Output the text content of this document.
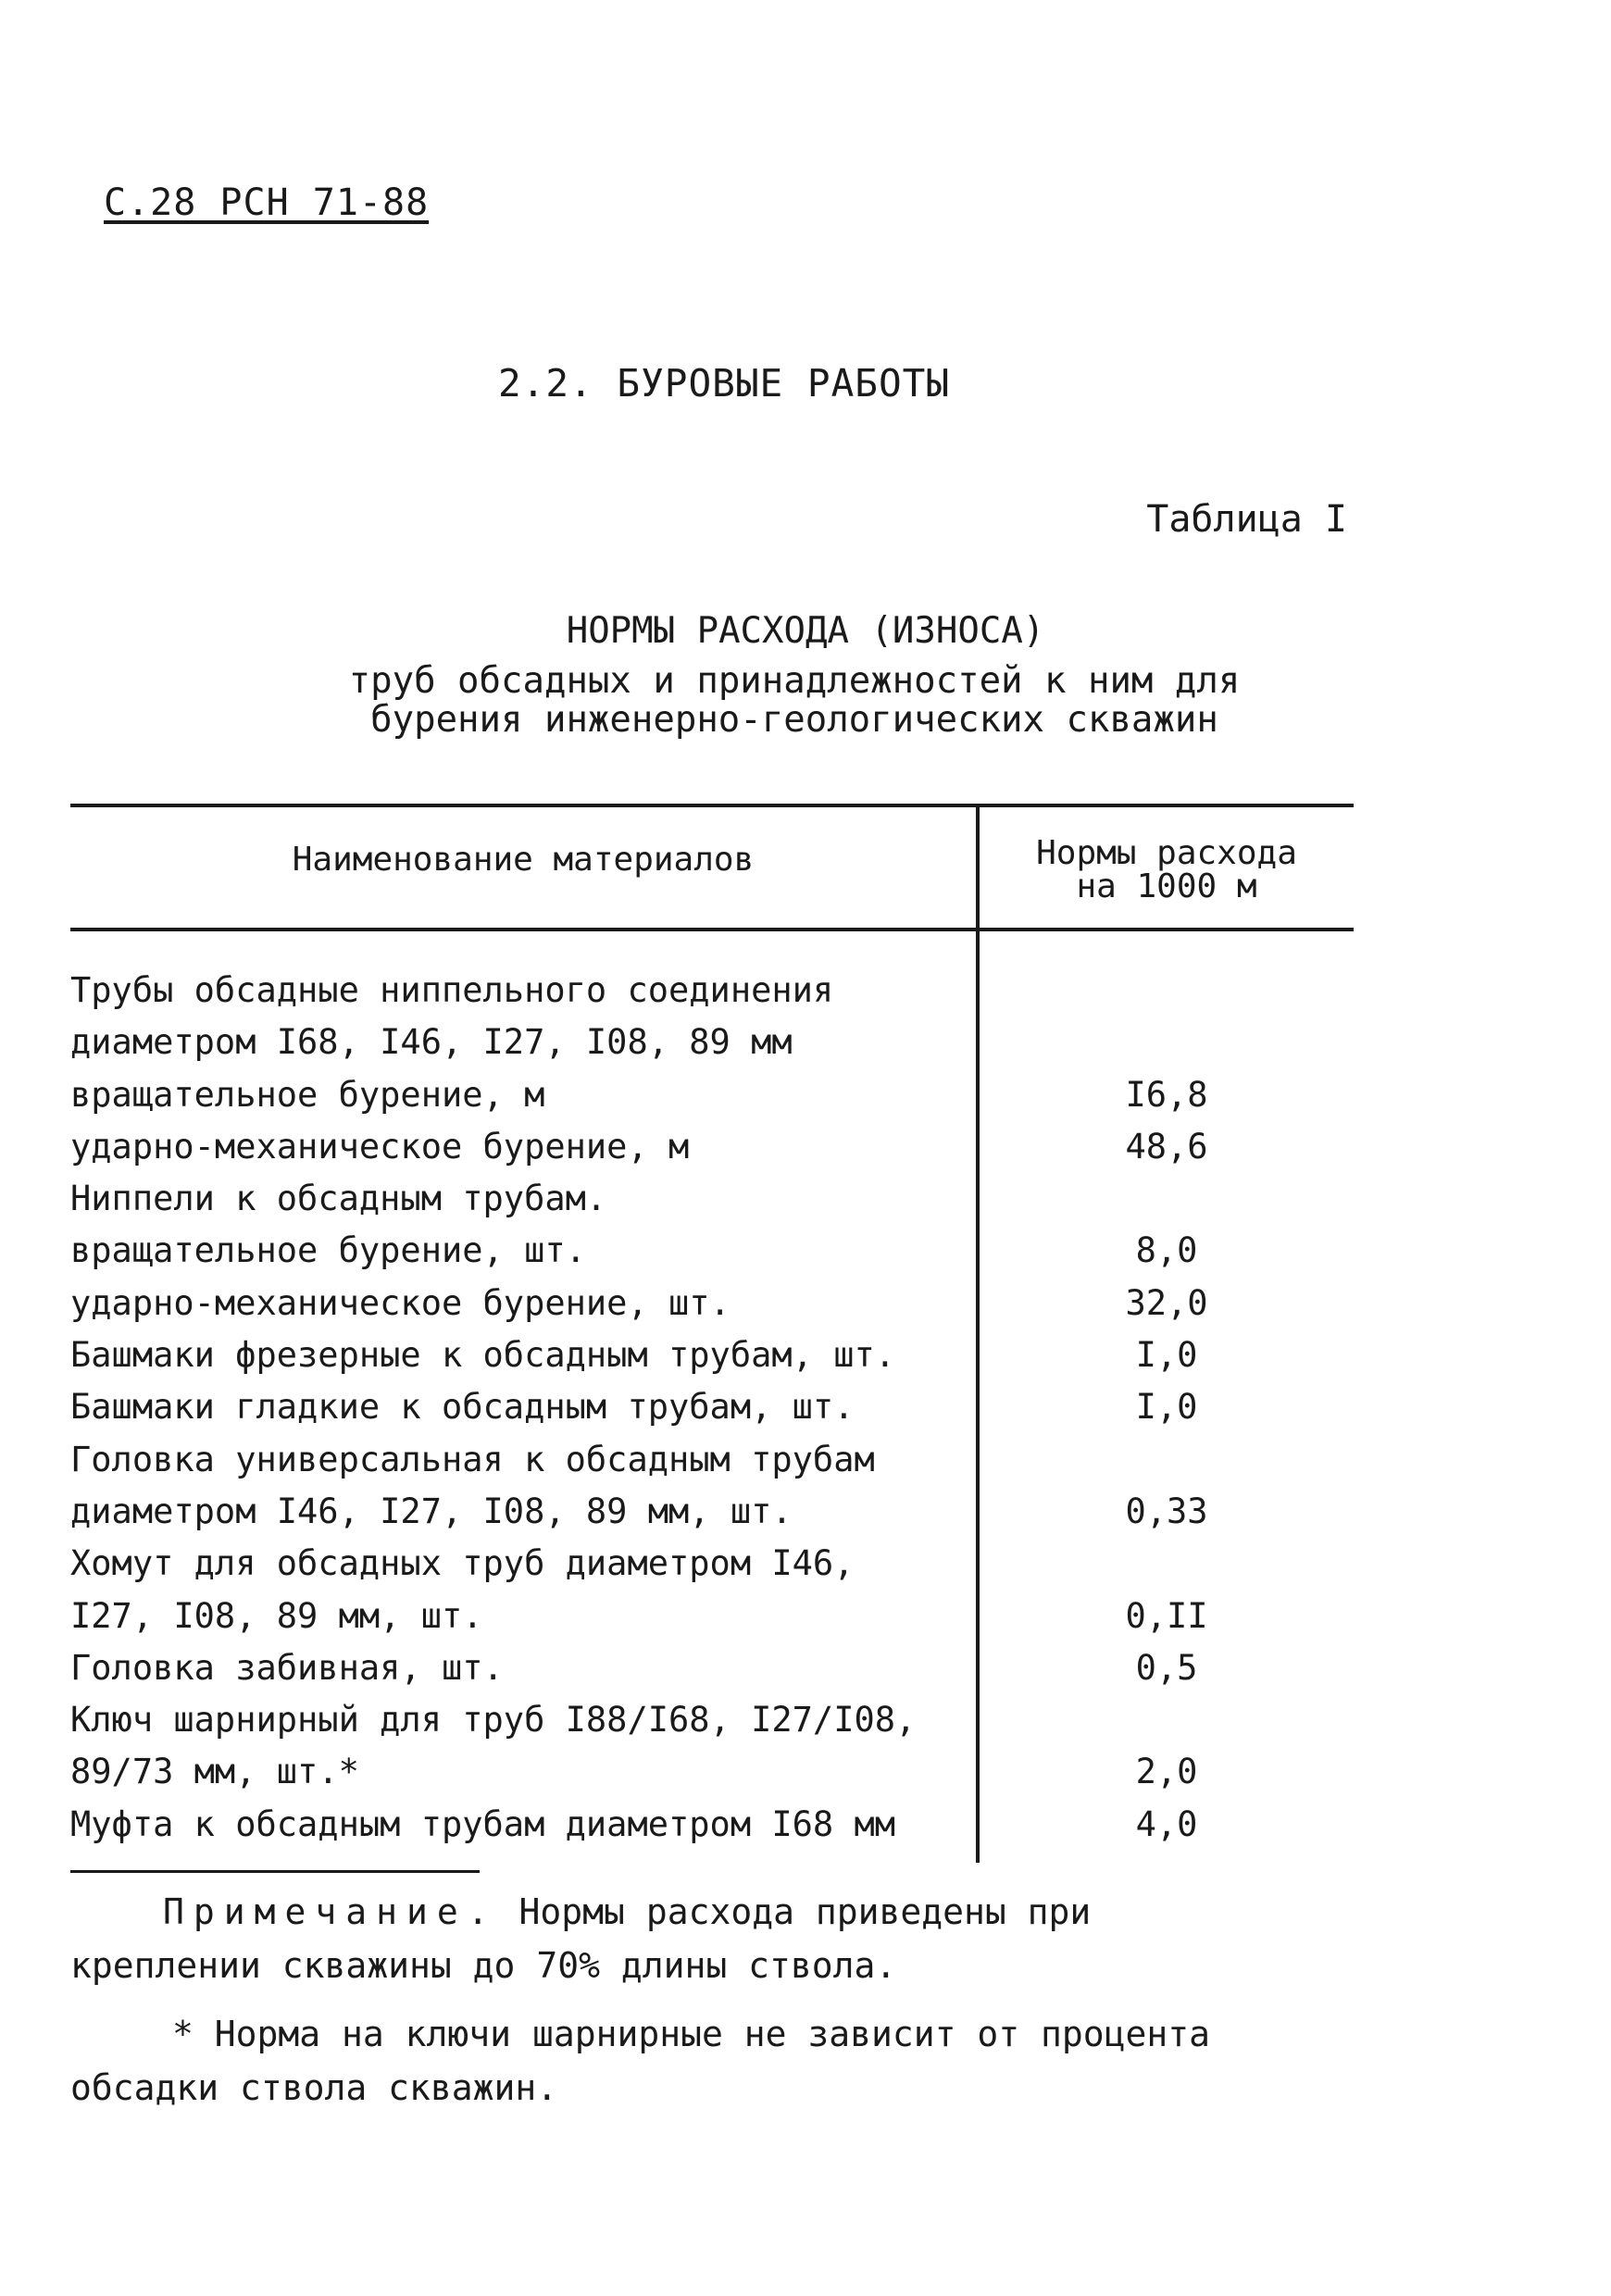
С.28 РСН 71-88
2.2. БУРОВЫЕ РАБОТЫ
Таблица I
НОРМЫ РАСХОДА (ИЗНОСА)
труб обсадных и принадлежностей к ним для
бурения инженерно-геологических скважин
Наименование материалов	Нормы расхода
на 1000 м
Трубы обсадные ниппельного соединения
диаметром I68, I46, I27, I08, 89 мм
вращательное бурение, м	I6,8
ударно-механическое бурение, м	48,6
Ниппели к обсадным трубам.
вращательное бурение, шт.	8,0
ударно-механическое бурение, шт.	32,0
Башмаки фрезерные к обсадным трубам, шт.	I,0
Башмаки гладкие к обсадным трубам, шт.	I,0
Головка универсальная к обсадным трубам
диаметром I46, I27, I08, 89 мм, шт.	0,33
Хомут для обсадных труб диаметром I46,
I27, I08, 89 мм, шт.	0,II
Головка забивная, шт.	0,5
Ключ шарнирный для труб I88/I68, I27/I08,
89/73 мм, шт.*	2,0
Муфта к обсадным трубам диаметром I68 мм	4,0
Примечание. Нормы расхода приведены при
креплении скважины до 70% длины ствола.
* Норма на ключи шарнирные не зависит от процента
обсадки ствола скважин.
